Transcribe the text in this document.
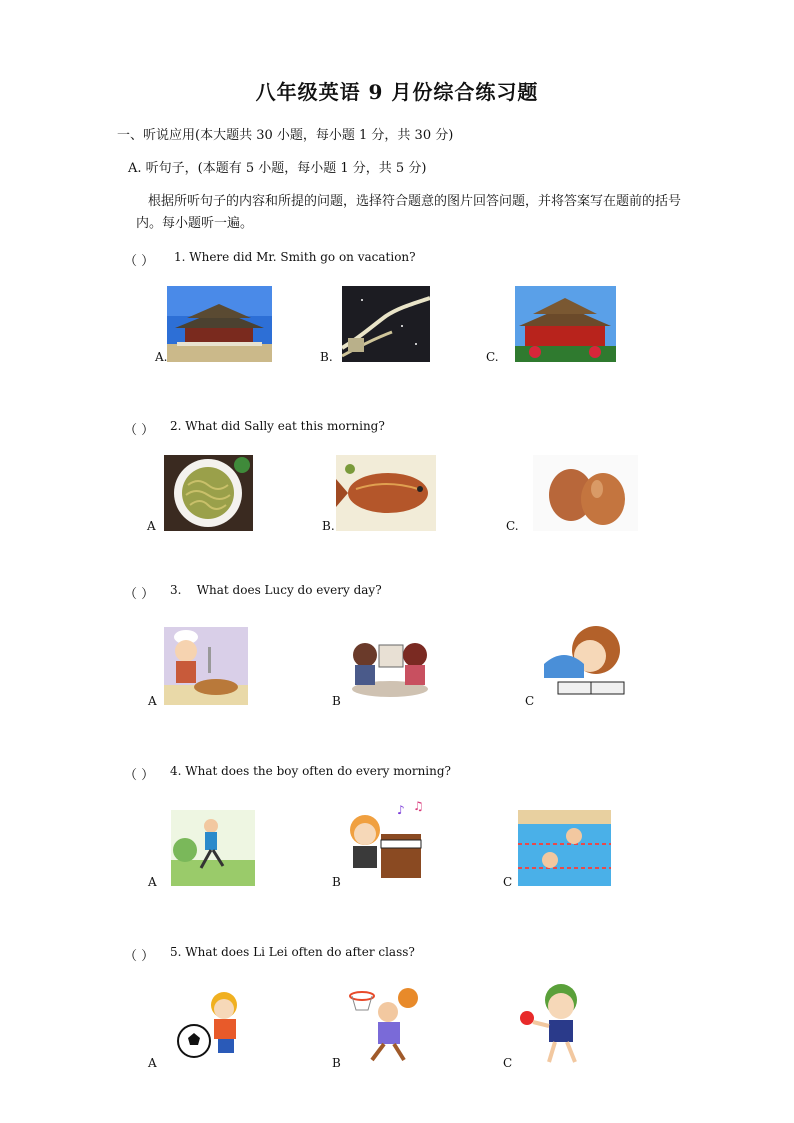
八年级英语 9 月份综合练习题
一、听说应用(本大题共 30 小题，每小题 1 分，共 30 分)
A. 听句子，(本题有 5 小题，每小题 1 分，共 5 分)
根据所听句子的内容和所提的问题，选择符合题意的图片回答问题，并将答案写在题前的括号
内。每小题听一遍。
（ ） 1. Where did Mr. Smith go on vacation?
A.	B.	C.
（ ） 2. What did Sally eat this morning?
A	B.	C.
（ ） 3.    What does Lucy do every day?
A	B	C
（ ） 4. What does the boy often do every morning?
A	B	C
♪ ♫
（ ） 5. What does Li Lei often do after class?
A	B	C
